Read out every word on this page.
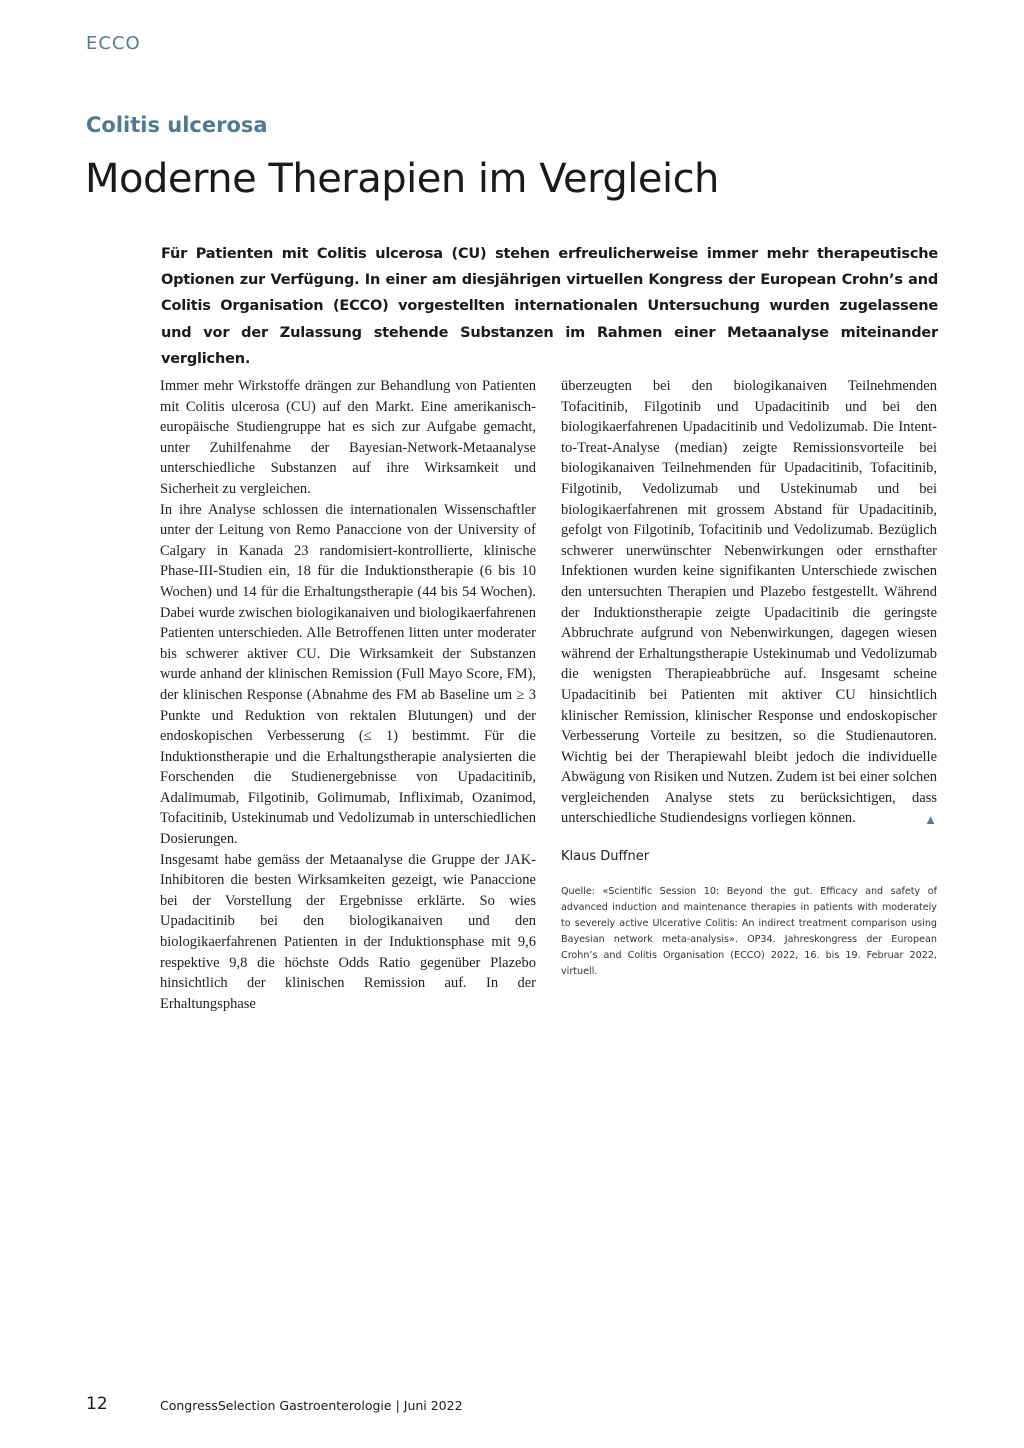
ECCO
Colitis ulcerosa
Moderne Therapien im Vergleich

Für Patienten mit Colitis ulcerosa (CU) stehen erfreulicherweise immer mehr therapeutische Optionen zur Verfügung. In einer am diesjährigen virtuellen Kongress der European Crohn’s and Colitis Organisation (ECCO) vorgestellten internationalen Untersuchung wurden zugelassene und vor der Zulassung stehende Substanzen im Rahmen einer Metaanalyse miteinander verglichen.

Immer mehr Wirkstoffe drängen zur Behandlung von Patienten mit Colitis ulcerosa (CU) auf den Markt. Eine amerikanisch-europäische Studiengruppe hat es sich zur Aufgabe gemacht, unter Zuhilfenahme der Bayesian-Network-Metaanalyse unterschiedliche Substanzen auf ihre Wirksamkeit und Sicherheit zu vergleichen.

In ihre Analyse schlossen die internationalen Wissenschaftler unter der Leitung von Remo Panaccione von der University of Calgary in Kanada 23 randomisiert-kontrollierte, klinische Phase-III-Studien ein, 18 für die Induktionstherapie (6 bis 10 Wochen) und 14 für die Erhaltungstherapie (44 bis 54 Wochen). Dabei wurde zwischen biologikanaiven und biologikaerfahrenen Patienten unterschieden. Alle Betroffenen litten unter moderater bis schwerer aktiver CU. Die Wirksamkeit der Substanzen wurde anhand der klinischen Remission (Full Mayo Score, FM), der klinischen Response (Abnahme des FM ab Baseline um ≥ 3 Punkte und Reduktion von rektalen Blutungen) und der endoskopischen Verbesserung (≤ 1) bestimmt. Für die Induktionstherapie und die Erhaltungstherapie analysierten die Forschenden die Studienergebnisse von Upadacitinib, Adalimumab, Filgotinib, Golimumab, Infliximab, Ozanimod, Tofacitinib, Ustekinumab und Vedolizumab in unterschiedlichen Dosierungen.

Insgesamt habe gemäss der Metaanalyse die Gruppe der JAK-Inhibitoren die besten Wirksamkeiten gezeigt, wie Panaccione bei der Vorstellung der Ergebnisse erklärte. So wies Upadacitinib bei den biologikanaiven und den biologikaerfahrenen Patienten in der Induktionsphase mit 9,6 respektive 9,8 die höchste Odds Ratio gegenüber Plazebo hinsichtlich der klinischen Remission auf. In der Erhaltungsphase

überzeugten bei den biologikanaiven Teilnehmenden Tofacitinib, Filgotinib und Upadacitinib und bei den biologikaerfahrenen Upadacitinib und Vedolizumab. Die Intent-to-Treat-Analyse (median) zeigte Remissionsvorteile bei biologikanaiven Teilnehmenden für Upadacitinib, Tofacitinib, Filgotinib, Vedolizumab und Ustekinumab und bei biologikaerfahrenen mit grossem Abstand für Upadacitinib, gefolgt von Filgotinib, Tofacitinib und Vedolizumab. Bezüglich schwerer unerwünschter Nebenwirkungen oder ernsthafter Infektionen wurden keine signifikanten Unterschiede zwischen den untersuchten Therapien und Plazebo festgestellt. Während der Induktionstherapie zeigte Upadacitinib die geringste Abbruchrate aufgrund von Nebenwirkungen, dagegen wiesen während der Erhaltungstherapie Ustekinumab und Vedolizumab die wenigsten Therapieabbrüche auf. Insgesamt scheine Upadacitinib bei Patienten mit aktiver CU hinsichtlich klinischer Remission, klinischer Response und endoskopischer Verbesserung Vorteile zu besitzen, so die Studienautoren. Wichtig bei der Therapiewahl bleibt jedoch die individuelle Abwägung von Risiken und Nutzen. Zudem ist bei einer solchen vergleichenden Analyse stets zu berücksichtigen, dass unterschiedliche Studiendesigns vorliegen können.	▲

Klaus Duffner
Quelle: «Scientific Session 10: Beyond the gut. Efficacy and safety of advanced induction and maintenance therapies in patients with moderately to severely active Ulcerative Colitis: An indirect treatment comparison using Bayesian network meta-analysis». OP34. Jahreskongress der European Crohn’s and Colitis Organisation (ECCO) 2022, 16. bis 19. Februar 2022, virtuell.
12	CongressSelection Gastroenterologie | Juni 2022
